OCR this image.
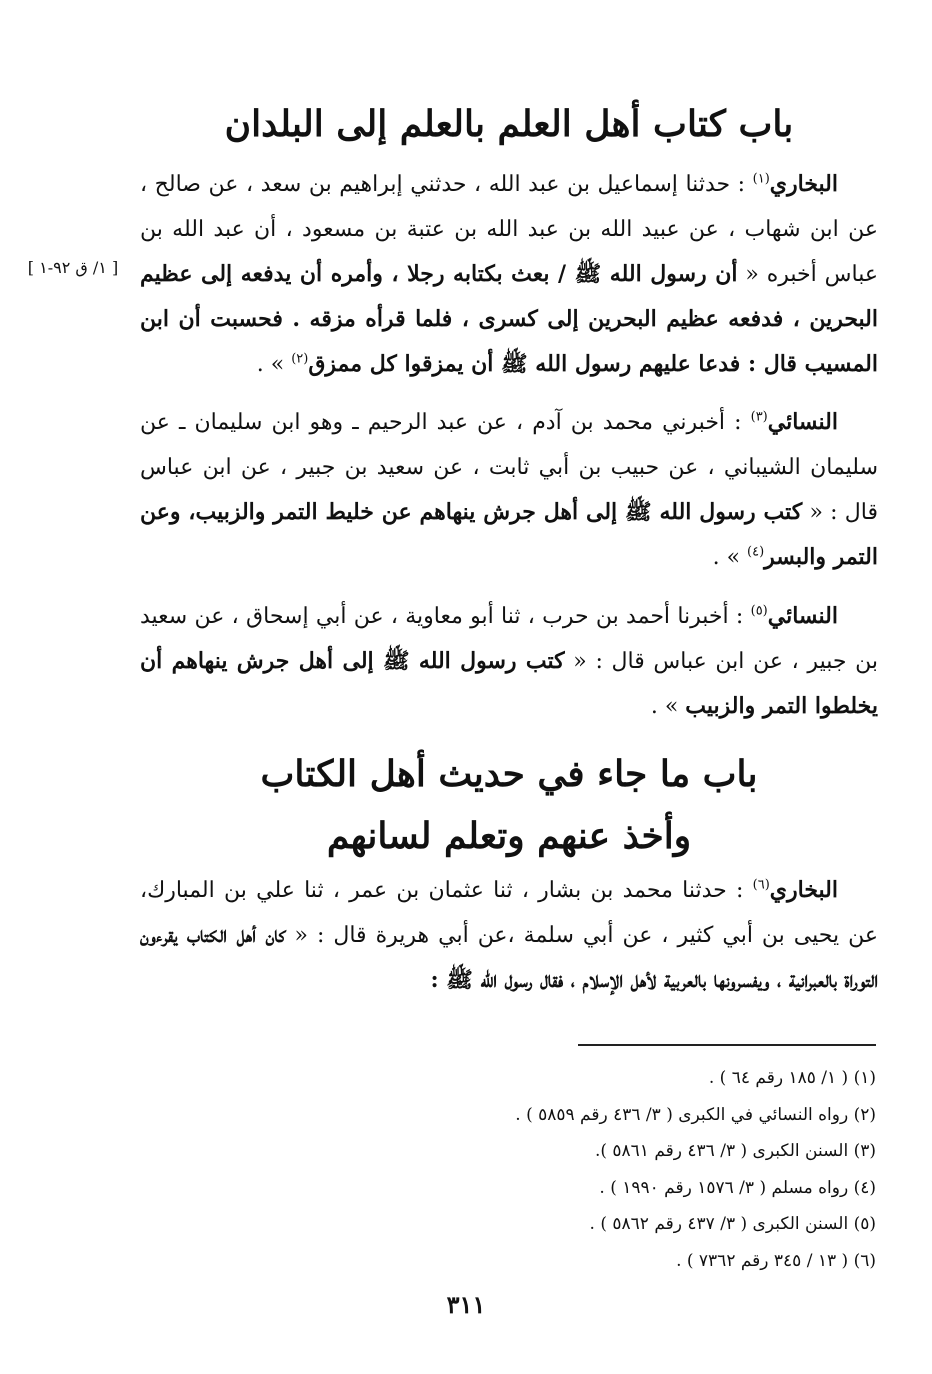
باب كتاب أهل العلم بالعلم إلى البلدان

البخاري$^{(١)}$ : حدثنا إسماعيل بن عبد الله ، حدثني إبراهيم بن سعد ، عن صالح ، عن ابن شهاب ، عن عبيد الله بن عبد الله بن عتبة بن مسعود ، أن عبد الله بن عباس أخبره « أن رسول الله ﷺ / بعث بكتابه رجلا ، وأمره أن يدفعه إلى عظيم البحرين ، فدفعه عظيم البحرين إلى كسرى ، فلما قرأه مزقه . فحسبت أن ابن المسيب قال : فدعا عليهم رسول الله ﷺ أن يمزقوا كل ممزق$^{(٢)}$ » .

[ ١/ ق ٩٢-١ ]

النسائي$^{(٣)}$ : أخبرني محمد بن آدم ، عن عبد الرحيم ـ وهو ابن سليمان ـ عن سليمان الشيباني ، عن حبيب بن أبي ثابت ، عن سعيد بن جبير ، عن ابن عباس قال : « كتب رسول الله ﷺ إلى أهل جرش ينهاهم عن خليط التمر والزبيب، وعن التمر والبسر$^{(٤)}$ » .

النسائي$^{(٥)}$ : أخبرنا أحمد بن حرب ، ثنا أبو معاوية ، عن أبي إسحاق ، عن سعيد بن جبير ، عن ابن عباس قال : « كتب رسول الله ﷺ إلى أهل جرش ينهاهم أن يخلطوا التمر والزبيب » .

باب ما جاء في حديث أهل الكتاب
وأخذ عنهم وتعلم لسانهم

البخاري$^{(٦)}$ : حدثنا محمد بن بشار ، ثنا عثمان بن عمر ، ثنا علي بن المبارك، عن يحيى بن أبي كثير ، عن أبي سلمة ،عن أبي هريرة قال : « كان أهل الكتاب يقرءون التوراة بالعبرانية ، ويفسرونها بالعربية لأهل الإسلام ، فقال رسول الله ﷺ :

(١) ( ١/ ١٨٥ رقم ٦٤ ) .

(٢) رواه النسائي في الكبرى ( ٣/ ٤٣٦ رقم ٥٨٥٩ ) .

(٣) السنن الكبرى ( ٣/ ٤٣٦ رقم ٥٨٦١ ).

(٤) رواه مسلم ( ٣/ ١٥٧٦ رقم ١٩٩٠ ) .

(٥) السنن الكبرى ( ٣/ ٤٣٧ رقم ٥٨٦٢ ) .

(٦) ( ١٣ / ٣٤٥ رقم ٧٣٦٢ ) .

٣١١
